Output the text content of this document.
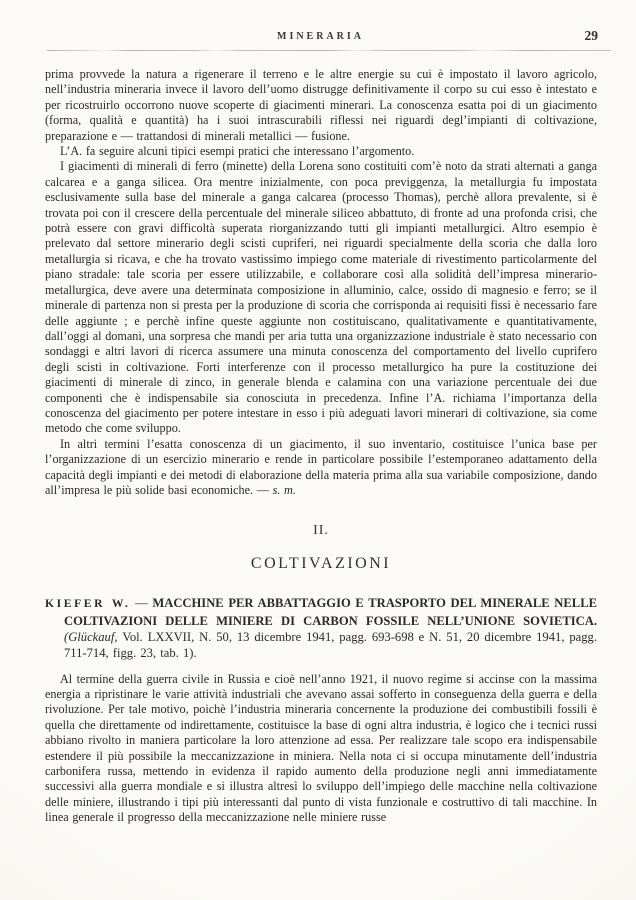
MINERARIA	29

prima provvede la natura a rigenerare il terreno e le altre energie su cui è impostato il lavoro agricolo, nell’industria mineraria invece il lavoro dell’uomo distrugge definitivamente il corpo su cui esso è intestato e per ricostruirlo occorrono nuove scoperte di giacimenti minerari. La conoscenza esatta poi di un giacimento (forma, qualità e quantità) ha i suoi intrascurabili riflessi nei riguardi degl’impianti di coltivazione, preparazione e — trattandosi di minerali metallici — fusione.

L’A. fa seguire alcuni tipici esempi pratici che interessano l’argomento.

I giacimenti di minerali di ferro (minette) della Lorena sono costituiti com’è noto da strati alternati a ganga calcarea e a ganga silicea. Ora mentre inizialmente, con poca previggenza, la metallurgia fu impostata esclusivamente sulla base del minerale a ganga calcarea (processo Thomas), perchè allora prevalente, si è trovata poi con il crescere della percentuale del minerale siliceo abbattuto, di fronte ad una profonda crisi, che potrà essere con gravi difficoltà superata riorganizzando tutti gli impianti metallurgici. Altro esempio è prelevato dal settore minerario degli scisti cupriferi, nei riguardi specialmente della scoria che dalla loro metallurgia si ricava, e che ha trovato vastissimo impiego come materiale di rivestimento particolarmente del piano stradale: tale scoria per essere utilizzabile, e collaborare così alla solidità dell’impresa minerario-metallurgica, deve avere una determinata composizione in alluminio, calce, ossido di magnesio e ferro; se il minerale di partenza non si presta per la produzione di scoria che corrisponda ai requisiti fissi è necessario fare delle aggiunte ; e perchè infine queste aggiunte non costituiscano, qualitativamente e quantitativamente, dall’oggi al domani, una sorpresa che mandi per aria tutta una organizzazione industriale è stato necessario con sondaggi e altri lavori di ricerca assumere una minuta conoscenza del comportamento del livello cuprifero degli scisti in coltivazione. Forti interferenze con il processo metallurgico ha pure la costituzione dei giacimenti di minerale di zinco, in generale blenda e calamina con una variazione percentuale dei due componenti che è indispensabile sia conosciuta in precedenza. Infine l’A. richiama l’importanza della conoscenza del giacimento per potere intestare in esso i più adeguati lavori minerari di coltivazione, sia come metodo che come sviluppo.

In altri termini l’esatta conoscenza di un giacimento, il suo inventario, costituisce l’unica base per l’organizzazione di un esercizio minerario e rende in particolare possibile l’estemporaneo adattamento della capacità degli impianti e dei metodi di elaborazione della materia prima alla sua variabile composizione, dando all’impresa le più solide basi economiche. — s. m.

II.
COLTIVAZIONI

KIEFER W. — MACCHINE PER ABBATTAGGIO E TRASPORTO DEL MINERALE NELLE COLTIVAZIONI DELLE MINIERE DI CARBON FOSSILE NELL’UNIONE SOVIETICA. (Glückauf, Vol. LXXVII, N. 50, 13 dicembre 1941, pagg. 693-698 e N. 51, 20 dicembre 1941, pagg. 711-714, figg. 23, tab. 1).

Al termine della guerra civile in Russia e cioè nell’anno 1921, il nuovo regime si accinse con la massima energia a ripristinare le varie attività industriali che avevano assai sofferto in conseguenza della guerra e della rivoluzione. Per tale motivo, poichè l’industria mineraria concernente la produzione dei combustibili fossili è quella che direttamente od indirettamente, costituisce la base di ogni altra industria, è logico che i tecnici russi abbiano rivolto in maniera particolare la loro attenzione ad essa. Per realizzare tale scopo era indispensabile estendere il più possibile la meccanizzazione in miniera. Nella nota ci si occupa minutamente dell’industria carbonifera russa, mettendo in evidenza il rapido aumento della produzione negli anni immediatamente successivi alla guerra mondiale e si illustra altresì lo sviluppo dell’impiego delle macchine nella coltivazione delle miniere, illustrando i tipi più interessanti dal punto di vista funzionale e costruttivo di tali macchine. In linea generale il progresso della meccanizzazione nelle miniere russe
